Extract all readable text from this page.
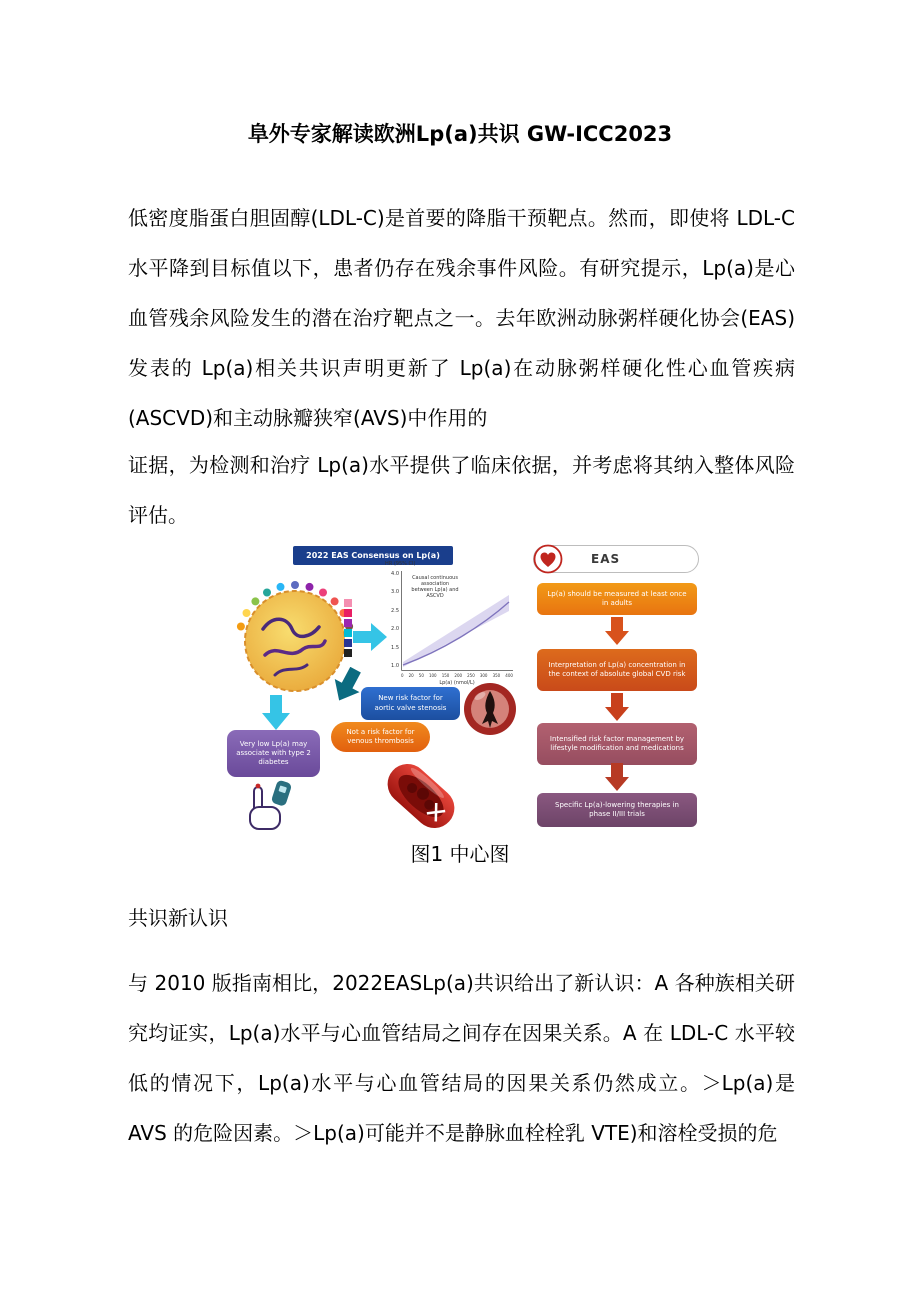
阜外专家解读欧洲Lp(a)共识 GW-ICC2023

低密度脂蛋白胆固醇(LDL-C)是首要的降脂干预靶点。然而，即使将 LDL-C 水平降到目标值以下，患者仍存在残余事件风险。有研究提示，Lp(a)是心血管残余风险发生的潜在治疗靶点之一。去年欧洲动脉粥样硬化协会(EAS)发表的 Lp(a)相关共识声明更新了 Lp(a)在动脉粥样硬化性心血管疾病(ASCVD)和主动脉瓣狭窄(AVS)中作用的

证据，为检测和治疗 Lp(a)水平提供了临床依据，并考虑将其纳入整体风险评估。

2022 EAS Consensus on Lp(a)
HR (95% CI)
4.0
3.0
2.5
2.0
1.5
1.0
Causal continuous association between Lp(a) and ASCVD
0 20 50 100 150 200 250 300 350 400
Lp(a) (nmol/L)
New risk factor for aortic valve stenosis
Not a risk factor for venous thrombosis
Very low Lp(a) may associate with type 2 diabetes
EAS
Lp(a) should be measured at least once in adults
Interpretation of Lp(a) concentration in the context of absolute global CVD risk
Intensified risk factor management by lifestyle modification and medications
Specific Lp(a)-lowering therapies in phase II/III trials
图1 中心图
共识新认识

与 2010 版指南相比，2022EASLp(a)共识给出了新认识：A 各种族相关研究均证实，Lp(a)水平与心血管结局之间存在因果关系。A 在 LDL-C 水平较低的情况下，Lp(a)水平与心血管结局的因果关系仍然成立。＞Lp(a)是 AVS 的危险因素。＞Lp(a)可能并不是静脉血栓栓乳 VTE)和溶栓受损的危
